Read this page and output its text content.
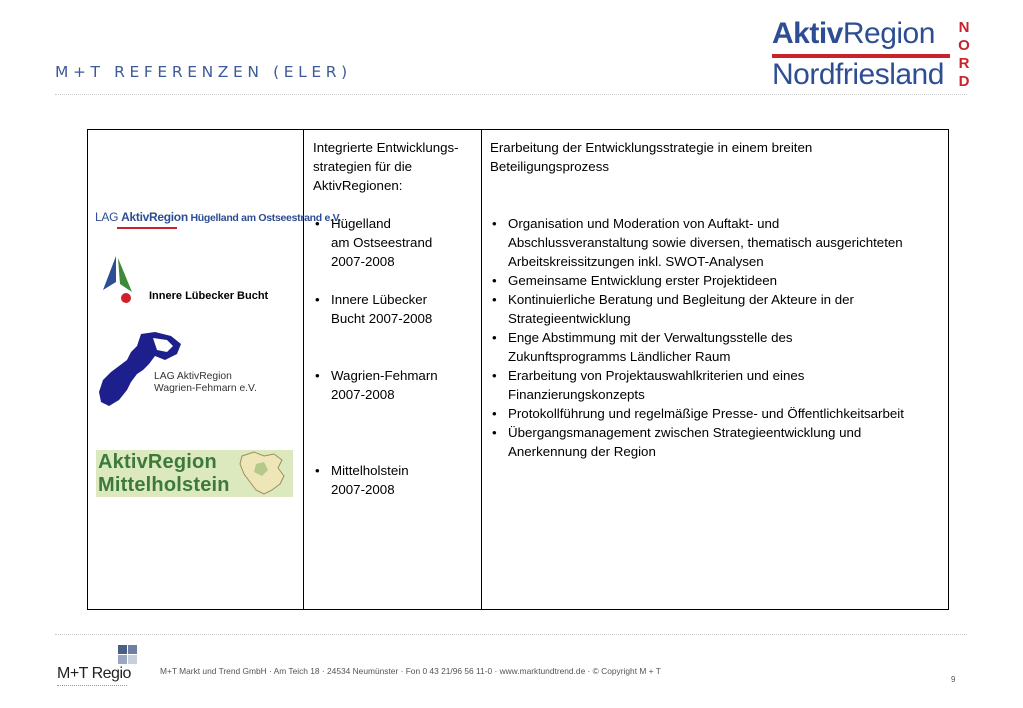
M+T REFERENZEN (ELER)
AktivRegion
Nordfriesland
N
O
R
D
LAG AktivRegion Hügelland am Ostseestrand e.V.
Innere Lübecker Bucht
LAG AktivRegion
Wagrien-Fehmarn e.V.
AktivRegion
Mittelholstein
Integrierte Entwicklungs-
strategien für die
AktivRegionen:
• Hügelland
am Ostseestrand
2007-2008
• Innere Lübecker
Bucht 2007-2008
• Wagrien-Fehmarn
2007-2008
• Mittelholstein
2007-2008
Erarbeitung der Entwicklungsstrategie in einem breiten
Beteiligungsprozess
• Organisation und Moderation von Auftakt- und
Abschlussveranstaltung sowie diversen, thematisch ausgerichteten
Arbeitskreissitzungen inkl. SWOT-Analysen
• Gemeinsame Entwicklung erster Projektideen
• Kontinuierliche Beratung und Begleitung der Akteure in der
Strategieentwicklung
• Enge Abstimmung mit der Verwaltungsstelle des
Zukunftsprogramms Ländlicher Raum
• Erarbeitung von Projektauswahlkriterien und eines
Finanzierungskonzepts
• Protokollführung und regelmäßige Presse- und Öffentlichkeitsarbeit
• Übergangsmanagement zwischen Strategieentwicklung und
Anerkennung der Region
M+T Regio	M+T Markt und Trend GmbH · Am Teich 18 · 24534 Neumünster · Fon 0 43 21/96 56 11-0 · www.marktundtrend.de · © Copyright M + T
9
